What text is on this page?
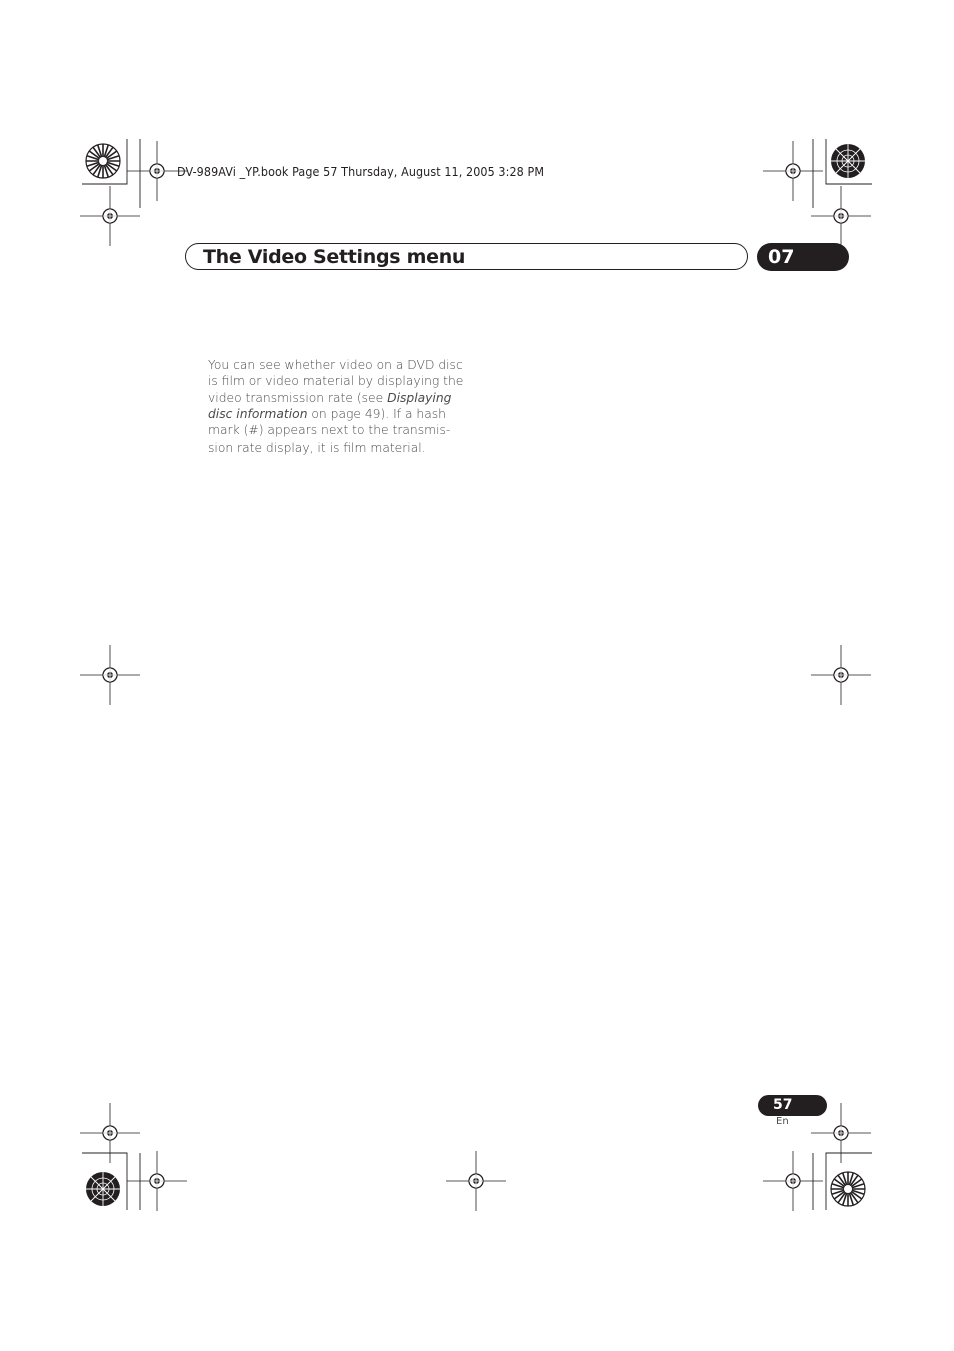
DV-989AVi _YP.book Page 57 Thursday, August 11, 2005 3:28 PM
The Video Settings menu	07
You can see whether video on a DVD disc
is film or video material by displaying the
video transmission rate (see Displaying
disc information on page 49). If a hash
mark (#) appears next to the transmis-
sion rate display, it is film material.
57
En
